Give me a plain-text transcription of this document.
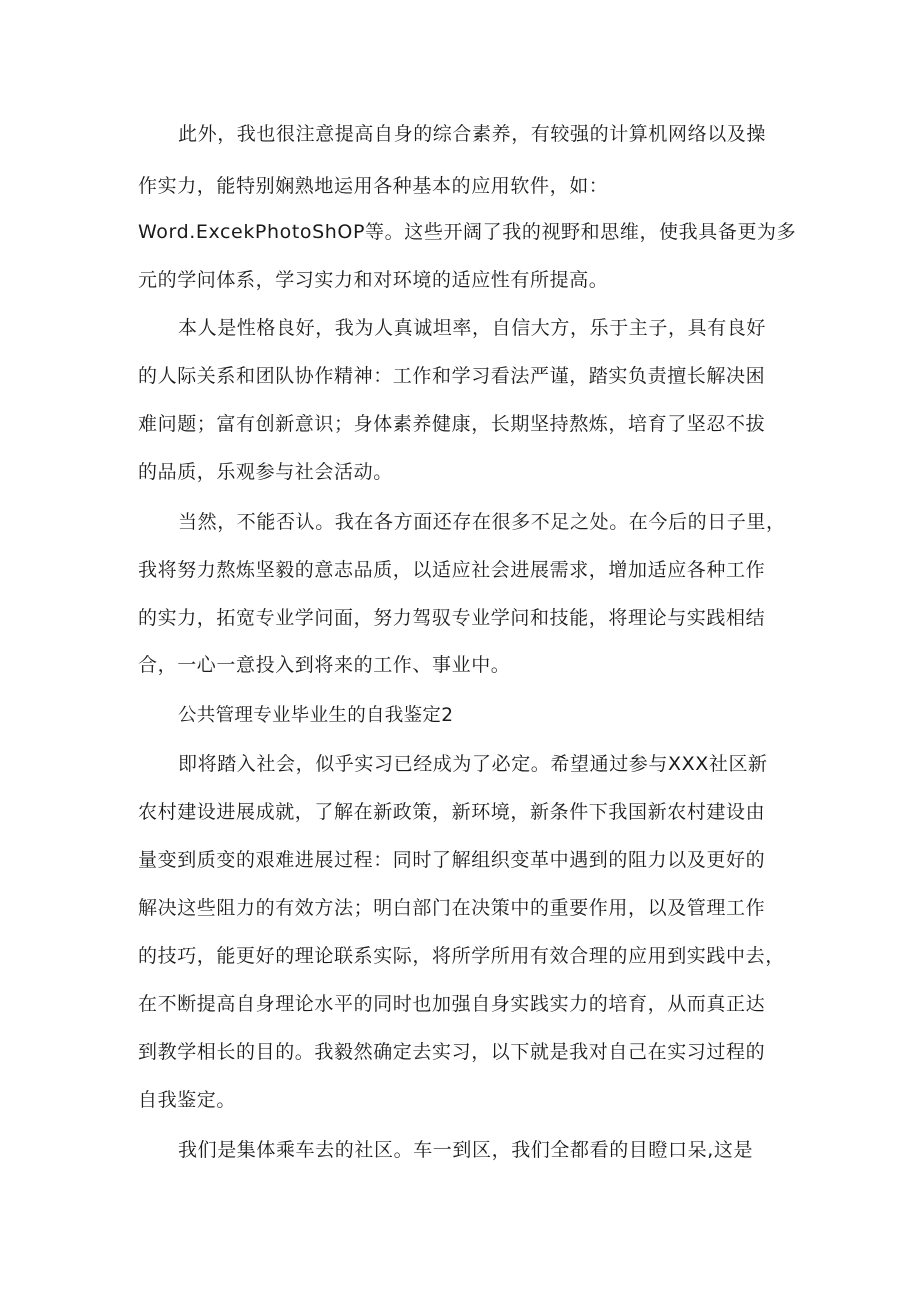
此外，我也很注意提高自身的综合素养，有较强的计算机网络以及操

作实力，能特别娴熟地运用各种基本的应用软件，如：

Word.ExcekPhotoShOP等。这些开阔了我的视野和思维，使我具备更为多

元的学问体系，学习实力和对环境的适应性有所提高。

本人是性格良好，我为人真诚坦率，自信大方，乐于主子，具有良好

的人际关系和团队协作精神：工作和学习看法严谨，踏实负责擅长解决困

难问题；富有创新意识；身体素养健康，长期坚持熬炼，培育了坚忍不拔

的品质，乐观参与社会活动。

当然，不能否认。我在各方面还存在很多不足之处。在今后的日子里，

我将努力熬炼坚毅的意志品质，以适应社会进展需求，增加适应各种工作

的实力，拓宽专业学问面，努力驾驭专业学问和技能，将理论与实践相结

合，一心一意投入到将来的工作、事业中。

公共管理专业毕业生的自我鉴定2

即将踏入社会，似乎实习已经成为了必定。希望通过参与XXX社区新

农村建设进展成就，了解在新政策，新环境，新条件下我国新农村建设由

量变到质变的艰难进展过程：同时了解组织变革中遇到的阻力以及更好的

解决这些阻力的有效方法；明白部门在决策中的重要作用，以及管理工作

的技巧，能更好的理论联系实际，将所学所用有效合理的应用到实践中去，

在不断提高自身理论水平的同时也加强自身实践实力的培育，从而真正达

到教学相长的目的。我毅然确定去实习，以下就是我对自己在实习过程的

自我鉴定。

我们是集体乘车去的社区。车一到区，我们全都看的目瞪口呆,这是
